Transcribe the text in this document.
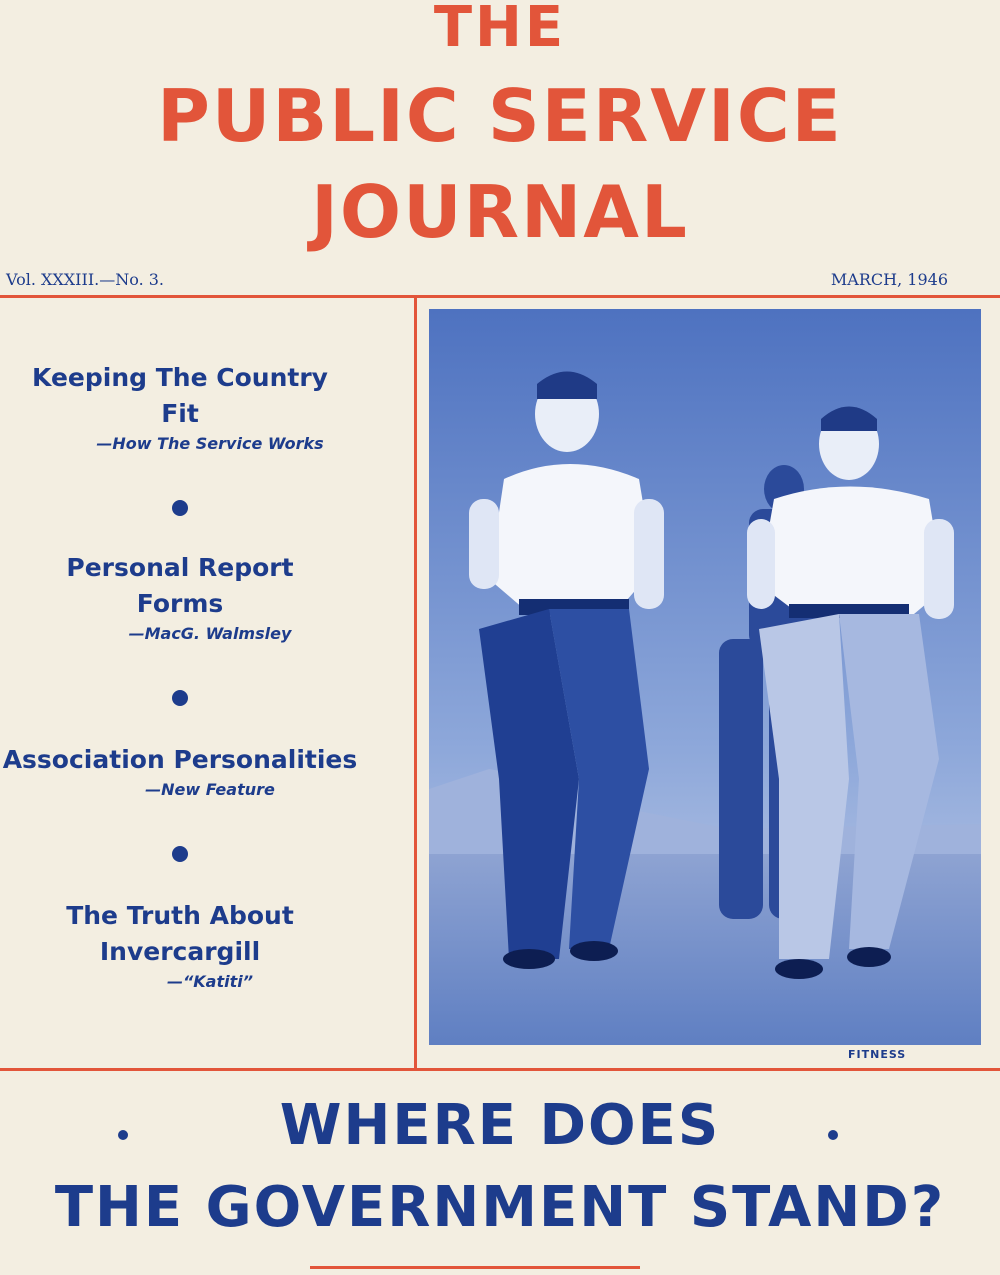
THE
PUBLIC SERVICE
JOURNAL
Vol. XXXIII.—No. 3.	MARCH, 1946
Keeping The Country Fit
—How The Service Works
Personal Report Forms
—MacG. Walmsley
Association Personalities
—New Feature
The Truth About Invercargill
—“Katiti”
FITNESS
WHERE DOES
THE GOVERNMENT STAND?
